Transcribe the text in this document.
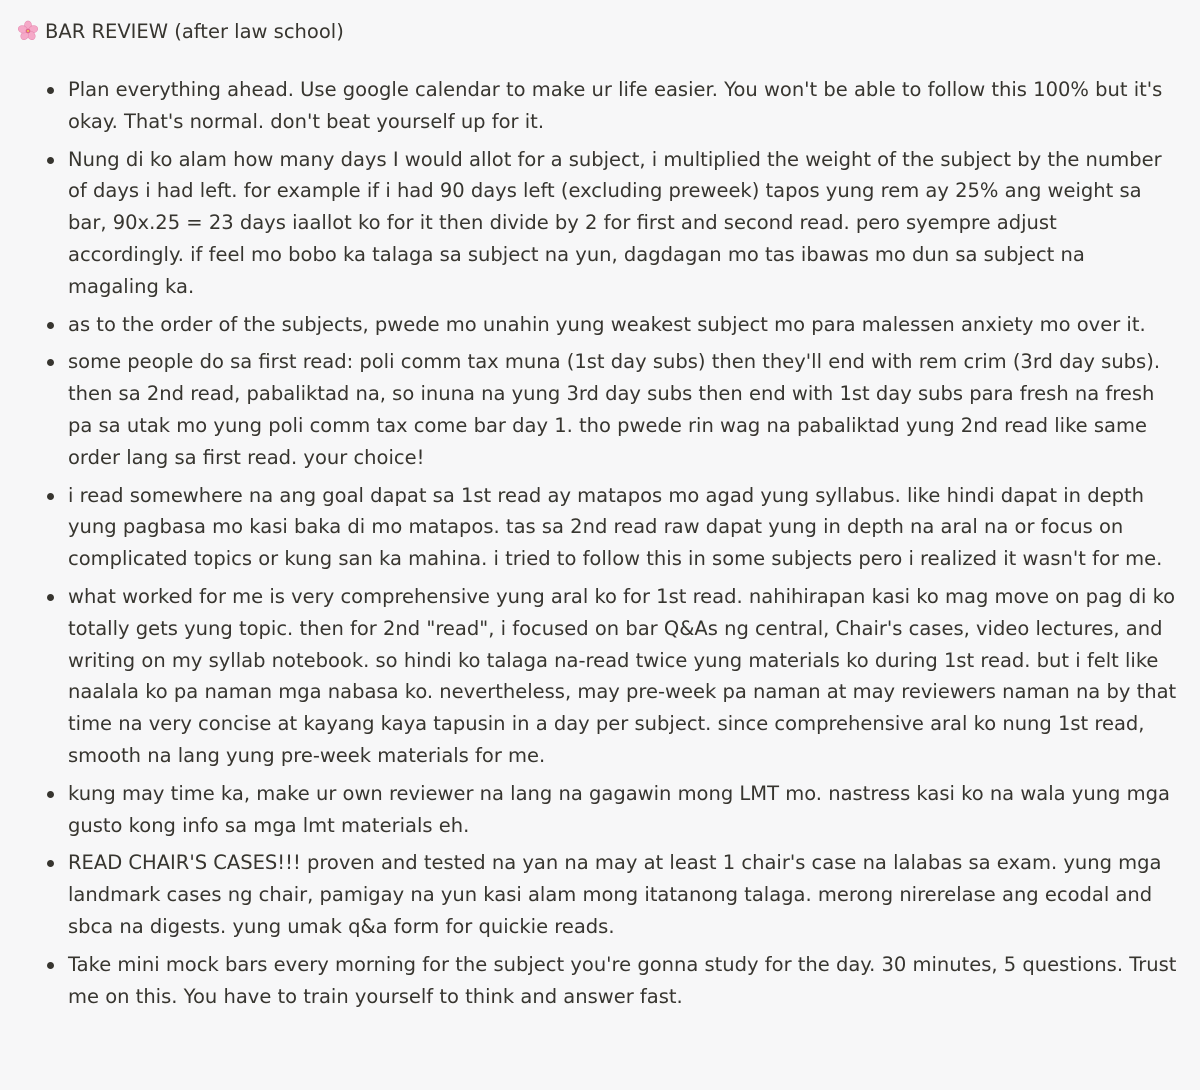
BAR REVIEW (after law school)
Plan everything ahead. Use google calendar to make ur life easier. You won't be able to follow this 100% but it's okay. That's normal. don't beat yourself up for it.
Nung di ko alam how many days I would allot for a subject, i multiplied the weight of the subject by the number of days i had left. for example if i had 90 days left (excluding preweek) tapos yung rem ay 25% ang weight sa bar, 90x.25 = 23 days iaallot ko for it then divide by 2 for first and second read. pero syempre adjust accordingly. if feel mo bobo ka talaga sa subject na yun, dagdagan mo tas ibawas mo dun sa subject na magaling ka.
as to the order of the subjects, pwede mo unahin yung weakest subject mo para malessen anxiety mo over it.
some people do sa first read: poli comm tax muna (1st day subs) then they'll end with rem crim (3rd day subs). then sa 2nd read, pabaliktad na, so inuna na yung 3rd day subs then end with 1st day subs para fresh na fresh pa sa utak mo yung poli comm tax come bar day 1. tho pwede rin wag na pabaliktad yung 2nd read like same order lang sa first read. your choice!
i read somewhere na ang goal dapat sa 1st read ay matapos mo agad yung syllabus. like hindi dapat in depth yung pagbasa mo kasi baka di mo matapos. tas sa 2nd read raw dapat yung in depth na aral na or focus on complicated topics or kung san ka mahina. i tried to follow this in some subjects pero i realized it wasn't for me.
what worked for me is very comprehensive yung aral ko for 1st read. nahihirapan kasi ko mag move on pag di ko totally gets yung topic. then for 2nd "read", i focused on bar Q&As ng central, Chair's cases, video lectures, and writing on my syllab notebook. so hindi ko talaga na-read twice yung materials ko during 1st read. but i felt like naalala ko pa naman mga nabasa ko. nevertheless, may pre-week pa naman at may reviewers naman na by that time na very concise at kayang kaya tapusin in a day per subject. since comprehensive aral ko nung 1st read, smooth na lang yung pre-week materials for me.
kung may time ka, make ur own reviewer na lang na gagawin mong LMT mo. nastress kasi ko na wala yung mga gusto kong info sa mga lmt materials eh.
READ CHAIR'S CASES!!! proven and tested na yan na may at least 1 chair's case na lalabas sa exam. yung mga landmark cases ng chair, pamigay na yun kasi alam mong itatanong talaga. merong nirerelase ang ecodal and sbca na digests. yung umak q&a form for quickie reads.
Take mini mock bars every morning for the subject you're gonna study for the day. 30 minutes, 5 questions. Trust me on this. You have to train yourself to think and answer fast.
